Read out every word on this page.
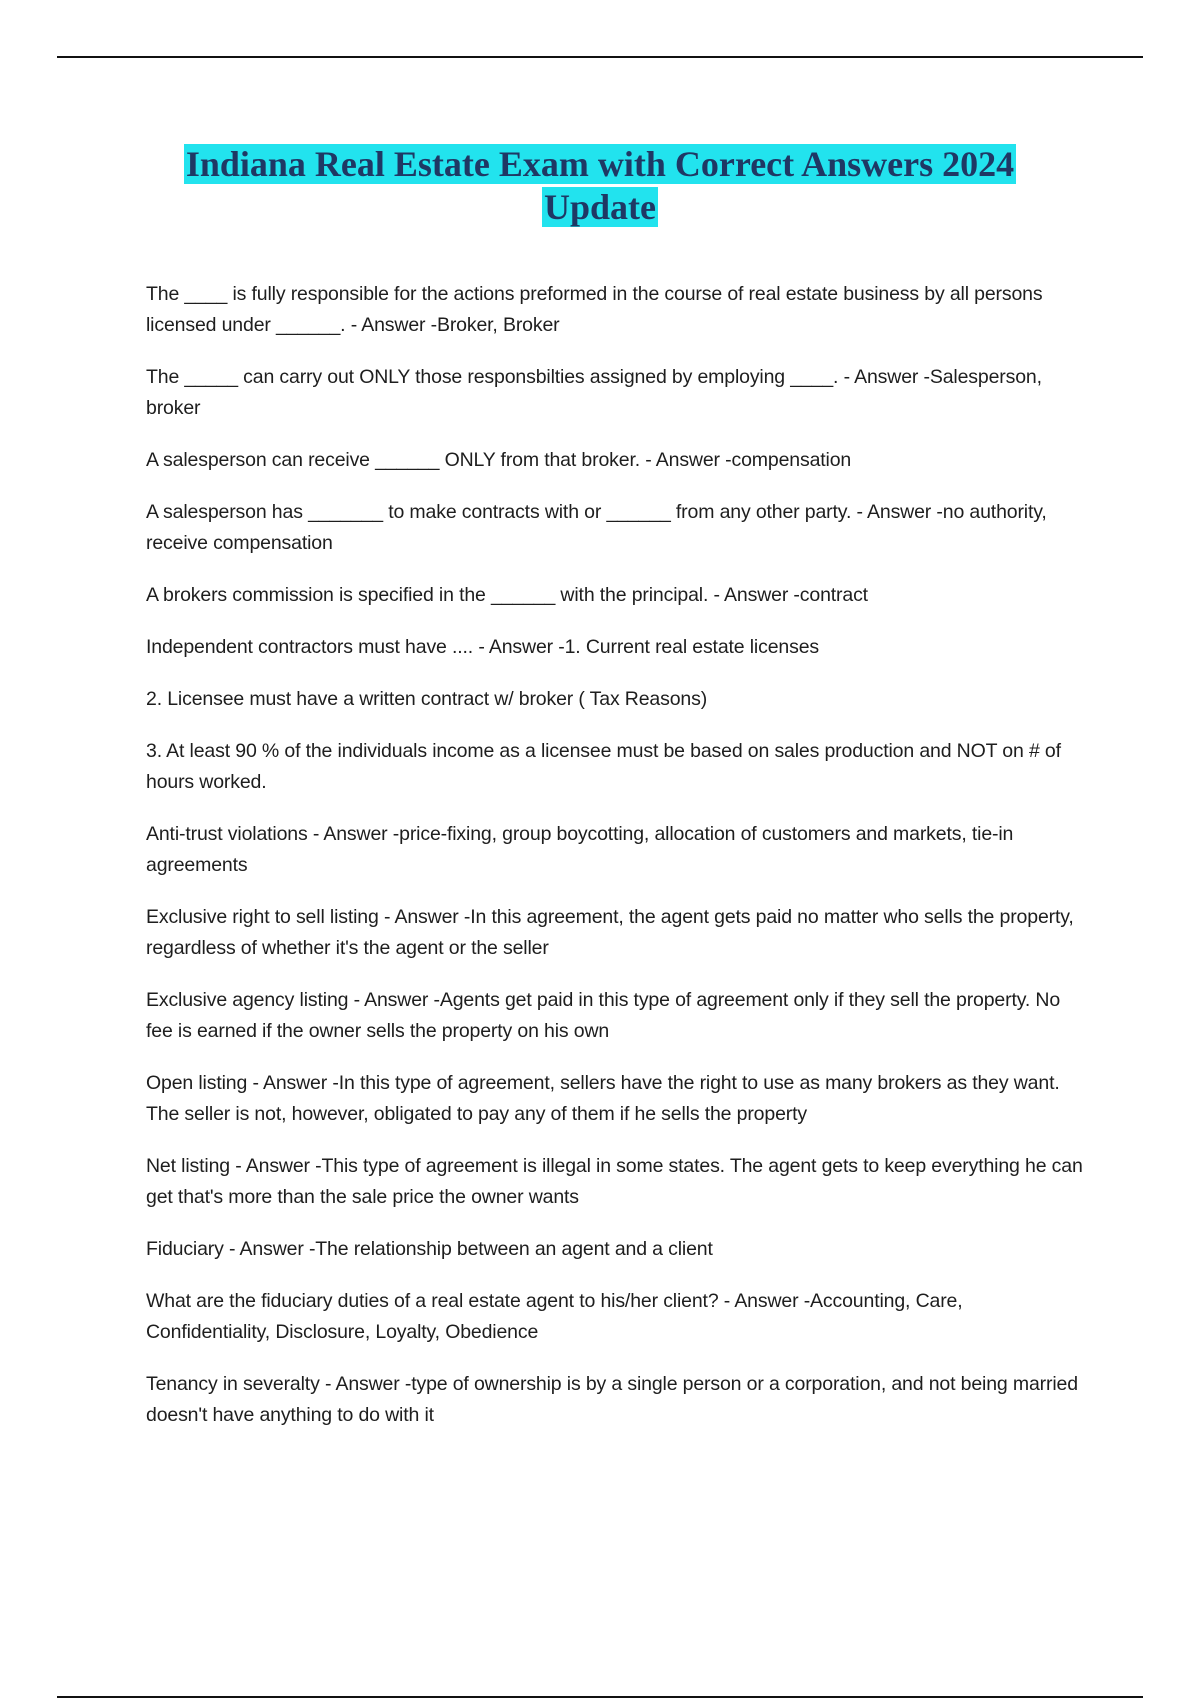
Indiana Real Estate Exam with Correct Answers 2024
Update

The ____ is fully responsible for the actions preformed in the course of real estate business by all persons licensed under ______. - Answer -Broker, Broker

The _____ can carry out ONLY those responsbilties assigned by employing ____. - Answer -Salesperson, broker

A salesperson can receive ______ ONLY from that broker. - Answer -compensation

A salesperson has _______ to make contracts with or ______ from any other party. - Answer -no authority, receive compensation

A brokers commission is specified in the ______ with the principal. - Answer -contract

Independent contractors must have .... - Answer -1. Current real estate licenses

2. Licensee must have a written contract w/ broker ( Tax Reasons)

3. At least 90 % of the individuals income as a licensee must be based on sales production and NOT on # of hours worked.

Anti-trust violations - Answer -price-fixing, group boycotting, allocation of customers and markets, tie-in agreements

Exclusive right to sell listing - Answer -In this agreement, the agent gets paid no matter who sells the property, regardless of whether it's the agent or the seller

Exclusive agency listing - Answer -Agents get paid in this type of agreement only if they sell the property. No fee is earned if the owner sells the property on his own

Open listing - Answer -In this type of agreement, sellers have the right to use as many brokers as they want. The seller is not, however, obligated to pay any of them if he sells the property

Net listing - Answer -This type of agreement is illegal in some states. The agent gets to keep everything he can get that's more than the sale price the owner wants

Fiduciary - Answer -The relationship between an agent and a client

What are the fiduciary duties of a real estate agent to his/her client? - Answer -Accounting, Care, Confidentiality, Disclosure, Loyalty, Obedience

Tenancy in severalty - Answer -type of ownership is by a single person or a corporation, and not being married doesn't have anything to do with it
